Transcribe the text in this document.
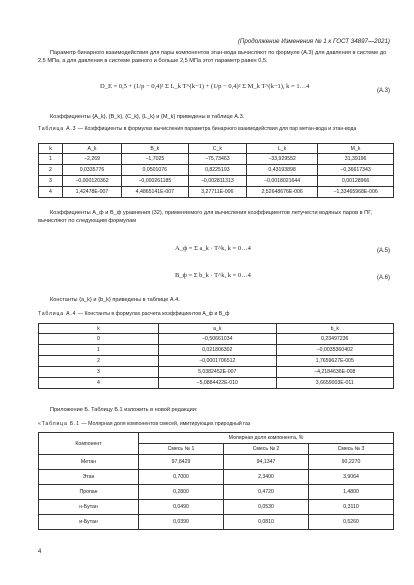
(Продолжение Изменения № 1 к ГОСТ 34897—2021)
Параметр бинарного взаимодействия для пары компонентов этан-вода вычисляют по формуле (А.3) для давления в системе до 2,5 МПа, а для давления в системе равного и больше 2,5 МПа этот параметр равен 0,5.
D_E = 0,5 + (1/p − 0,4)² Σ L_k T^(k−1) + (1/p − 0,4)² Σ M_k T^(k−1), k = 1…4
(А.3)
Коэффициенты {A_k}, {B_k}, {C_k}, {L_k} и {M_k} приведены в таблице А.3.
Таблица А.3 — Коэффициенты в формулах вычисления параметра бинарного взаимодействия для пар метан-вода и этан-вода
k	A_k	B_k	C_k	L_k	M_k
1	−2,269	−1,7025	−75,73463	−33,929552	31,39196
2	0,0335776	0,0501076	0,8225193	0,43193898	−0,36617343
3	−0,000120362	−0,000261185	−0,002811313	−0,0018021644	0,00128966
4	1,42478Е-007	4,4865141Е-007	3,27711Е-006	2,52648676Е-006	−1,33465968Е-006
Коэффициенты A_ф и B_ф уравнения (32), применяемого для вычисления коэффициентов летучести водяных паров в ПГ, вычисляют по следующим формулам
A_ф = Σ a_k · T^k, k = 0…4	(А.5)
B_ф = Σ b_k · T^k, k = 0…4	(А.6)
Константы {a_k} и {b_k} приведены в таблице А.4.
Таблица А.4 — Константы в формулах расчета коэффициентов A_ф и B_ф
k	a_k	b_k
0	−0,50661034	0,23497236
1	0,021806302	−0,0035360402
2	−0,0001706512	1,7659627Е-005
3	5,0382452Е-007	−4,2184636Е-008
4	−5,0884422Е-010	3,6659003Е-011
Приложение Б. Таблицу Б.1 изложить в новой редакции:
«Таблица Б.1 — Молярная доля компонентов смесей, имитирующих природный газ
Компонент	Молярная доля компонента, %		
	Смесь № 1	Смесь № 2	Смесь № 3
Метан	97,8429	94,1347	90,2270
Этан	0,7000	2,3400	3,9064
Пропан	0,2800	0,4720	1,4800
н-Бутан	0,0490	0,0530	0,3110
и-Бутан	0,0390	0,0810	0,5260
4
